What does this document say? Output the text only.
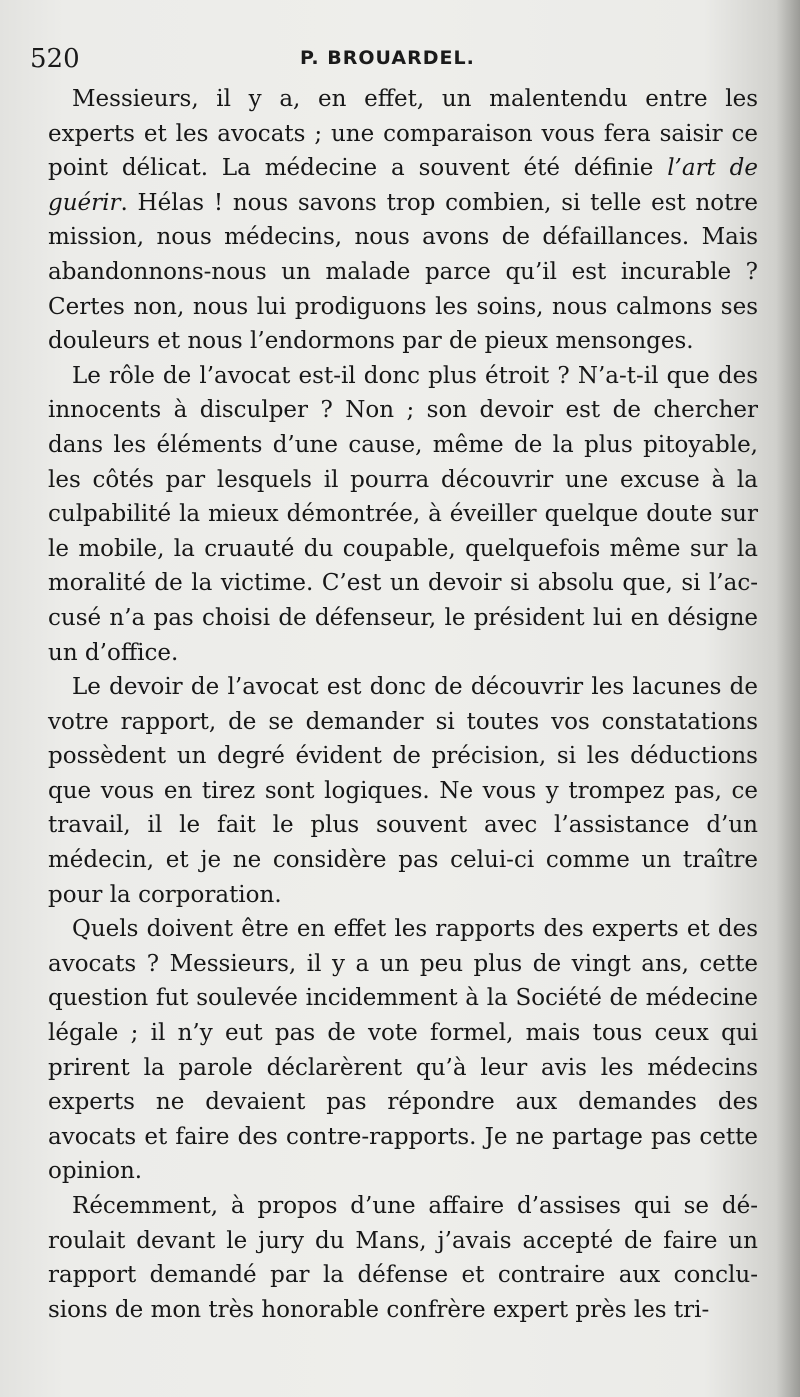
520	P. BROUARDEL.

Messieurs, il y a, en effet, un malentendu entre les experts et les avocats ; une comparaison vous fera saisir ce point délicat. La médecine a souvent été définie l’art de guérir. Hélas ! nous savons trop combien, si telle est notre mission, nous médecins, nous avons de défaillances. Mais abandonnons-nous un malade parce qu’il est incurable ? Certes non, nous lui prodiguons les soins, nous calmons ses douleurs et nous l’endormons par de pieux mensonges.

Le rôle de l’avocat est-il donc plus étroit ? N’a-t-il que des innocents à disculper ? Non ; son devoir est de chercher dans les éléments d’une cause, même de la plus pitoyable, les côtés par lesquels il pourra découvrir une excuse à la culpabilité la mieux démontrée, à éveiller quelque doute sur le mobile, la cruauté du coupable, quelquefois même sur la moralité de la victime. C’est un devoir si absolu que, si l’accusé n’a pas choisi de défenseur, le président lui en désigne un d’office.

Le devoir de l’avocat est donc de découvrir les lacunes de votre rapport, de se demander si toutes vos constatations possèdent un degré évident de précision, si les déductions que vous en tirez sont logiques. Ne vous y trompez pas, ce travail, il le fait le plus souvent avec l’assistance d’un médecin, et je ne considère pas celui-ci comme un traître pour la corporation.

Quels doivent être en effet les rapports des experts et des avocats ? Messieurs, il y a un peu plus de vingt ans, cette question fut soulevée incidemment à la Société de médecine légale ; il n’y eut pas de vote formel, mais tous ceux qui prirent la parole déclarèrent qu’à leur avis les médecins experts ne devaient pas répondre aux demandes des avocats et faire des contre-rapports. Je ne partage pas cette opinion.

Récemment, à propos d’une affaire d’assises qui se déroulait devant le jury du Mans, j’avais accepté de faire un rapport demandé par la défense et contraire aux conclusions de mon très honorable confrère expert près les tri-
